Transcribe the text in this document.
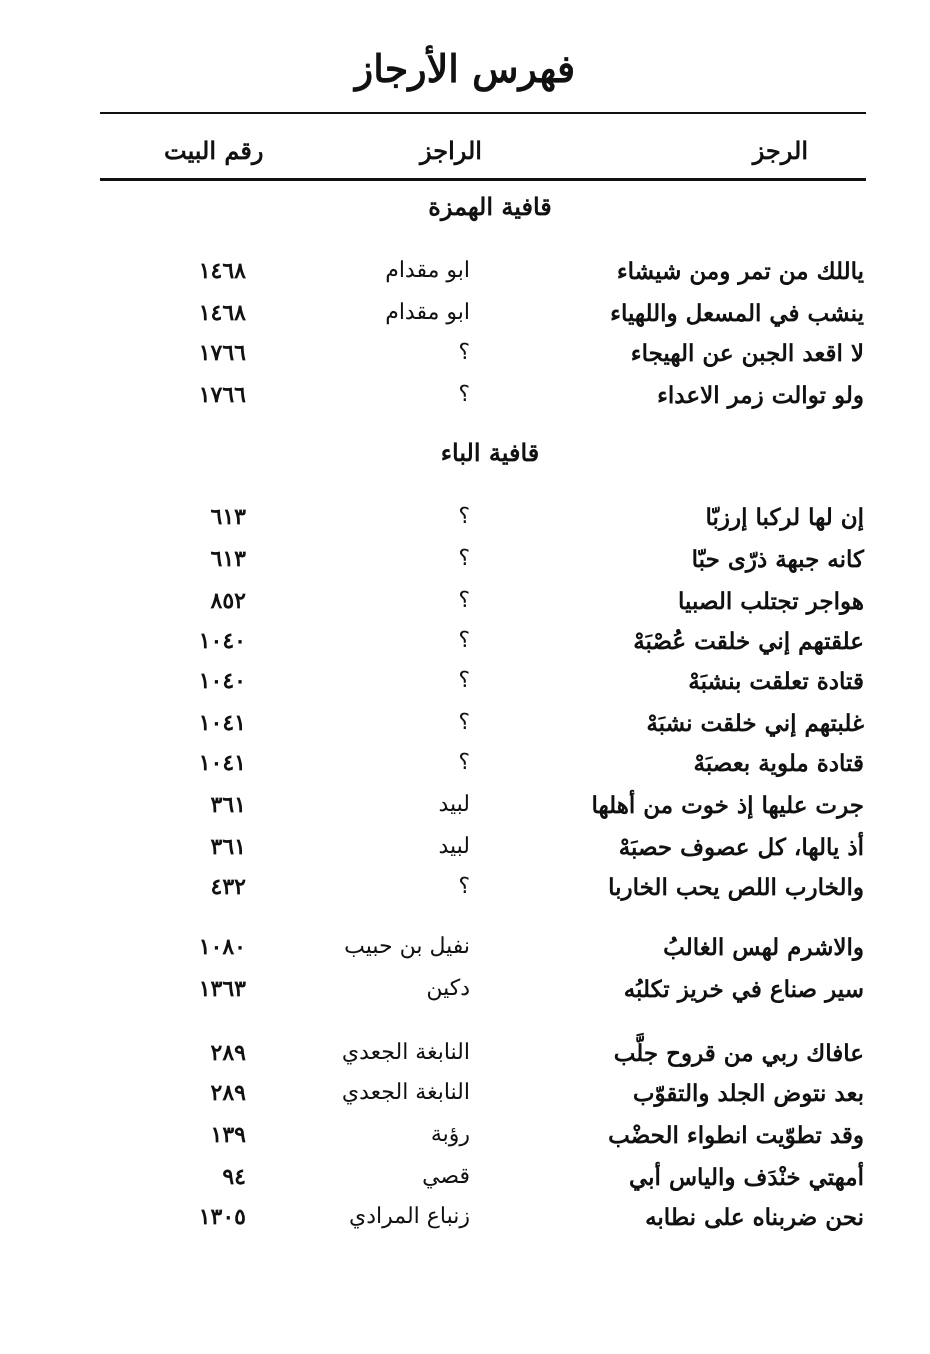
فهرس الأرجاز
الرجز
الراجز
رقم البيت
قافية الهمزة
ياللك من تمر ومن شيشاء
ابو مقدام
١٤٦٨
ينشب في المسعل واللهياء
ابو مقدام
١٤٦٨
لا اقعد الجبن عن الهيجاء
؟
١٧٦٦
ولو توالت زمر الاعداء
؟
١٧٦٦
قافية الباء
إن لها لركبا إرزبّا
؟
٦١٣
كانه جبهة ذرّى حبّا
؟
٦١٣
هواجر تجتلب الصبيا
؟
٨٥٢
علقتهم إني خلقت عُصْبَهْ
؟
١٠٤٠
قتادة تعلقت بنشبَهْ
؟
١٠٤٠
غلبتهم إني خلقت نشبَهْ
؟
١٠٤١
قتادة ملوية بعصبَهْ
؟
١٠٤١
جرت عليها إذ خوت من أهلها
لبيد
٣٦١
أذ يالها، كل عصوف حصبَهْ
لبيد
٣٦١
والخارب اللص يحب الخاربا
؟
٤٣٢
والاشرم لهس الغالبُ
نفيل بن حبيب
١٠٨٠
سير صناع في خريز تكلبُه
دكين
١٣٦٣
عافاك ربي من قروح جلَّب
النابغة الجعدي
٢٨٩
بعد نتوض الجلد والتقوّب
النابغة الجعدي
٢٨٩
وقد تطوّيت انطواء الحضْب
رؤبة
١٣٩
أمهتي خنْدَف والياس أبي
قصي
٩٤
نحن ضربناه على نطابه
زنباع المرادي
١٣٠٥
